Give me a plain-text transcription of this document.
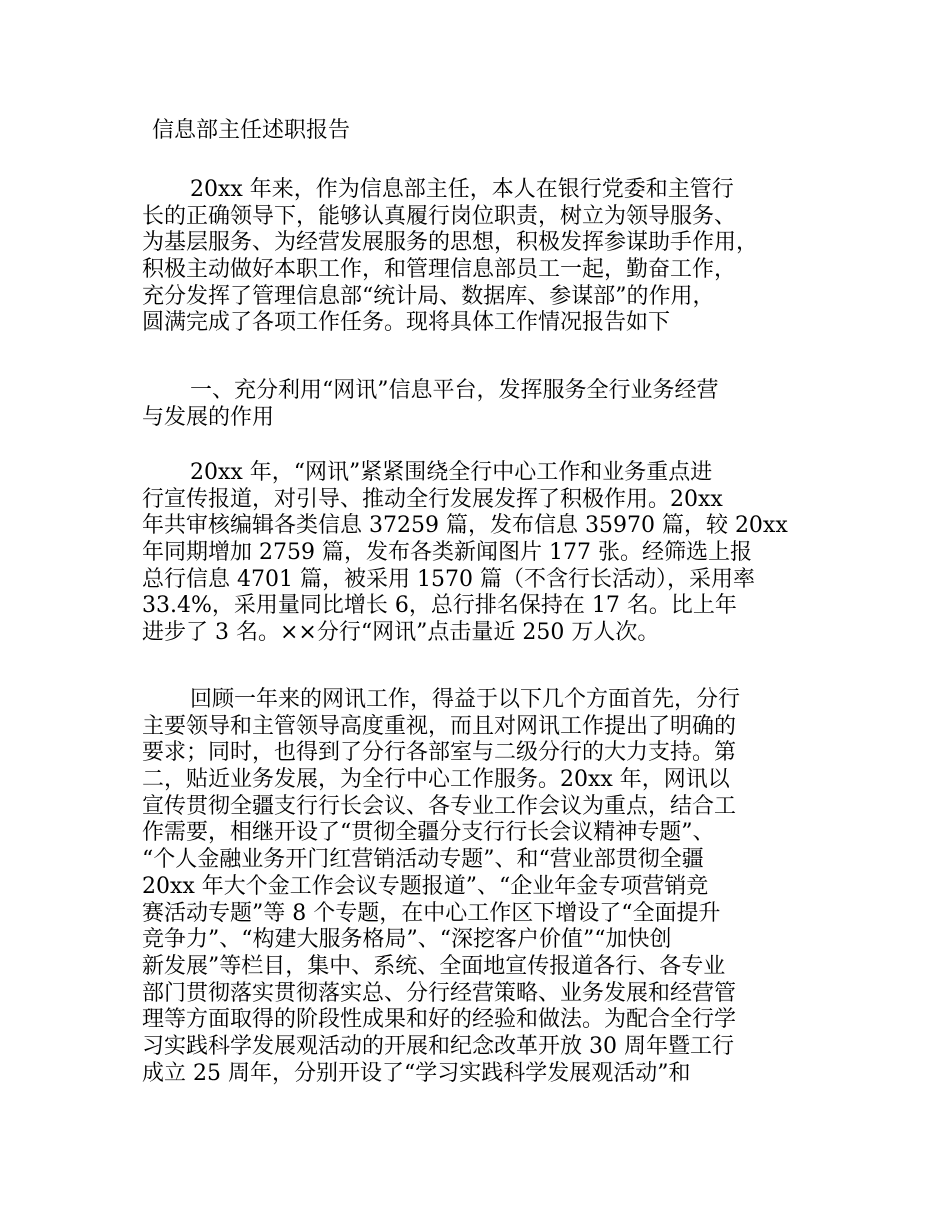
信息部主任述职报告
20xx 年来，作为信息部主任，本人在银行党委和主管行
长的正确领导下，能够认真履行岗位职责，树立为领导服务、
为基层服务、为经营发展服务的思想，积极发挥参谋助手作用，
积极主动做好本职工作，和管理信息部员工一起，勤奋工作，
充分发挥了管理信息部“统计局、数据库、参谋部”的作用，
圆满完成了各项工作任务。现将具体工作情况报告如下
一、充分利用“网讯”信息平台，发挥服务全行业务经营
与发展的作用
20xx 年，“网讯”紧紧围绕全行中心工作和业务重点进
行宣传报道，对引导、推动全行发展发挥了积极作用。20xx
年共审核编辑各类信息 37259 篇，发布信息 35970 篇，较 20xx
年同期增加 2759 篇，发布各类新闻图片 177 张。经筛选上报
总行信息 4701 篇，被采用 1570 篇（不含行长活动），采用率
33.4%，采用量同比增长 6，总行排名保持在 17 名。比上年
进步了 3 名。××分行“网讯”点击量近 250 万人次。
回顾一年来的网讯工作，得益于以下几个方面首先，分行
主要领导和主管领导高度重视，而且对网讯工作提出了明确的
要求；同时，也得到了分行各部室与二级分行的大力支持。第
二，贴近业务发展，为全行中心工作服务。20xx 年，网讯以
宣传贯彻全疆支行行长会议、各专业工作会议为重点，结合工
作需要，相继开设了“贯彻全疆分支行行长会议精神专题”、
“个人金融业务开门红营销活动专题”、和“营业部贯彻全疆
20xx 年大个金工作会议专题报道”、“企业年金专项营销竞
赛活动专题”等 8 个专题，在中心工作区下增设了“全面提升
竞争力”、“构建大服务格局”、“深挖客户价值”“加快创
新发展”等栏目，集中、系统、全面地宣传报道各行、各专业
部门贯彻落实贯彻落实总、分行经营策略、业务发展和经营管
理等方面取得的阶段性成果和好的经验和做法。为配合全行学
习实践科学发展观活动的开展和纪念改革开放 30 周年暨工行
成立 25 周年，分别开设了“学习实践科学发展观活动”和
